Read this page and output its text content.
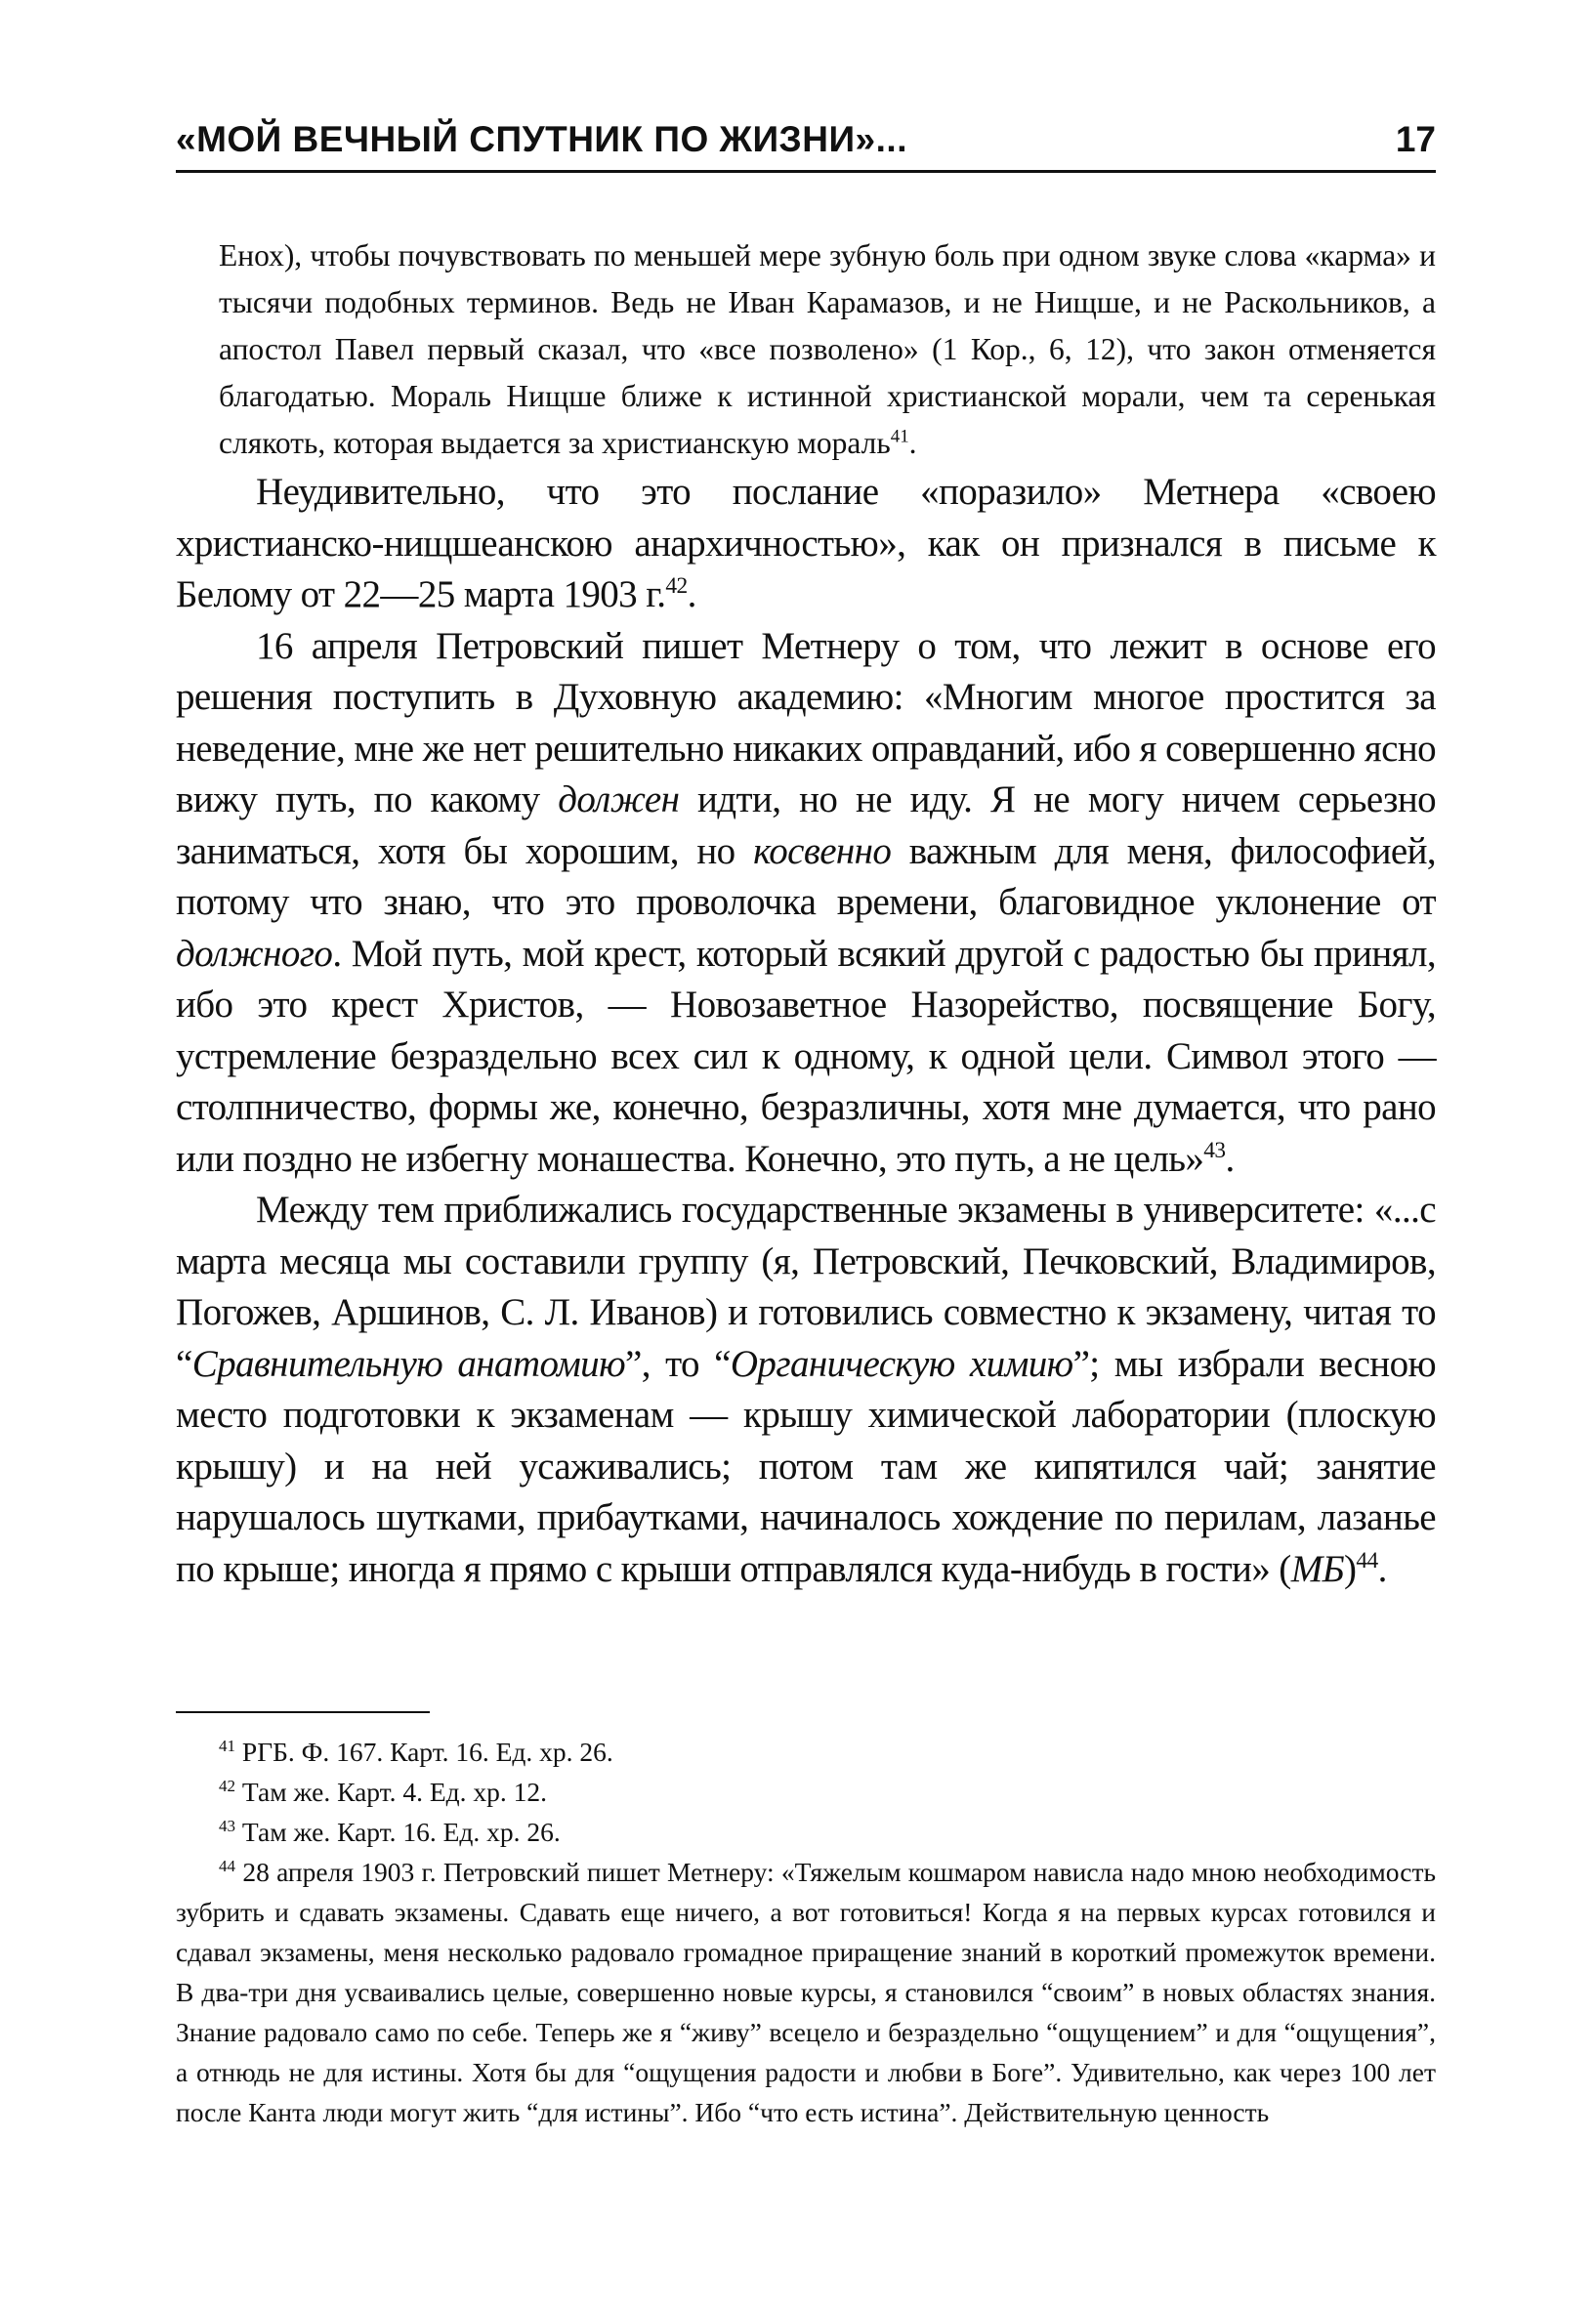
«МОЙ ВЕЧНЫЙ СПУТНИК ПО ЖИЗНИ»...	17

Енох), чтобы почувствовать по меньшей мере зубную боль при одном звуке слова «карма» и тысячи подобных терминов. Ведь не Иван Карамазов, и не Нищше, и не Раскольников, а апостол Павел первый сказал, что «все позволено» (1 Кор., 6, 12), что закон отменяется благодатью. Мораль Нищше ближе к истинной христианской морали, чем та серенькая слякоть, которая выдается за христианскую мораль$^{41}$.

Неудивительно, что это послание «поразило» Метнера «своею христианско-нищшеанскою анархичностью», как он признался в письме к Белому от 22—25 марта 1903 г.$^{42}$.

16 апреля Петровский пишет Метнеру о том, что лежит в основе его решения поступить в Духовную академию: «Многим многое простится за неведение, мне же нет решительно никаких оправданий, ибо я совершенно ясно вижу путь, по какому должен идти, но не иду. Я не могу ничем серьезно заниматься, хотя бы хорошим, но косвенно важным для меня, философией, потому что знаю, что это проволочка времени, благовидное уклонение от должного. Мой путь, мой крест, который всякий другой с радостью бы принял, ибо это крест Христов, — Новозаветное Назорейство, посвящение Богу, устремление безраздельно всех сил к одному, к одной цели. Символ этого — столпничество, формы же, конечно, безразличны, хотя мне думается, что рано или поздно не избегну монашества. Конечно, это путь, а не цель»$^{43}$.

Между тем приближались государственные экзамены в университете: «...с марта месяца мы составили группу (я, Петровский, Печковский, Владимиров, Погожев, Аршинов, С. Л. Иванов) и готовились совместно к экзамену, читая то “Сравнительную анатомию”, то “Органическую химию”; мы избрали весною место подготовки к экзаменам — крышу химической лаборатории (плоскую крышу) и на ней усаживались; потом там же кипятился чай; занятие нарушалось шутками, прибаутками, начиналось хождение по перилам, лазанье по крыше; иногда я прямо с крыши отправлялся куда-нибудь в гости» (МБ)$^{44}$.

$^{41}$ РГБ. Ф. 167. Карт. 16. Ед. хр. 26.

$^{42}$ Там же. Карт. 4. Ед. хр. 12.

$^{43}$ Там же. Карт. 16. Ед. хр. 26.

$^{44}$ 28 апреля 1903 г. Петровский пишет Метнеру: «Тяжелым кошмаром нависла надо мною необходимость зубрить и сдавать экзамены. Сдавать еще ничего, а вот готовиться! Когда я на первых курсах готовился и сдавал экзамены, меня несколько радовало громадное приращение знаний в короткий промежуток времени. В два-три дня усваивались целые, совершенно новые курсы, я становился “своим” в новых областях знания. Знание радовало само по себе. Теперь же я “живу” всецело и безраздельно “ощущением” и для “ощущения”, а отнюдь не для истины. Хотя бы для “ощущения радости и любви в Боге”. Удивительно, как через 100 лет после Канта люди могут жить “для истины”. Ибо “что есть истина”. Действительную ценность
